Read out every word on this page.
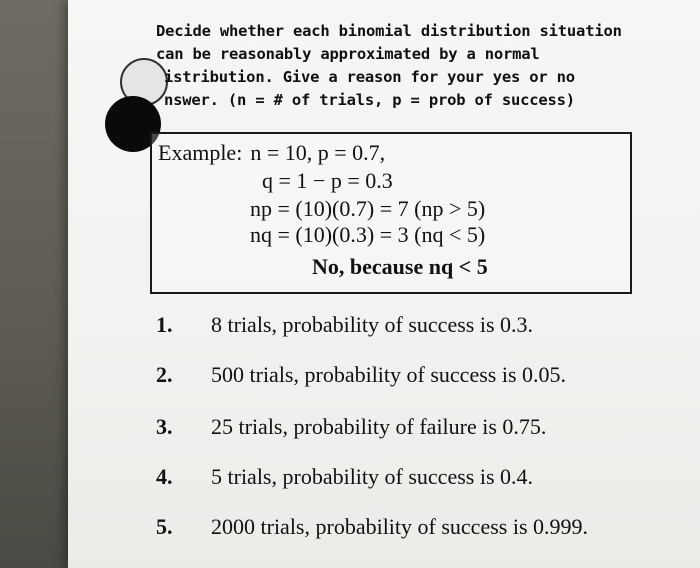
Decide whether each binomial distribution situation
can be reasonably approximated by a normal
istribution. Give a reason for your yes or no
nswer. (n = # of trials, p = prob of success)
Example: n = 10, p = 0.7,
q = 1 − p = 0.3
np = (10)(0.7) = 7 (np > 5)
nq = (10)(0.3) = 3 (nq < 5)
No, because nq < 5
1. 8 trials, probability of success is 0.3.
2. 500 trials, probability of success is 0.05.
3. 25 trials, probability of failure is 0.75.
4. 5 trials, probability of success is 0.4.
5. 2000 trials, probability of success is 0.999.
